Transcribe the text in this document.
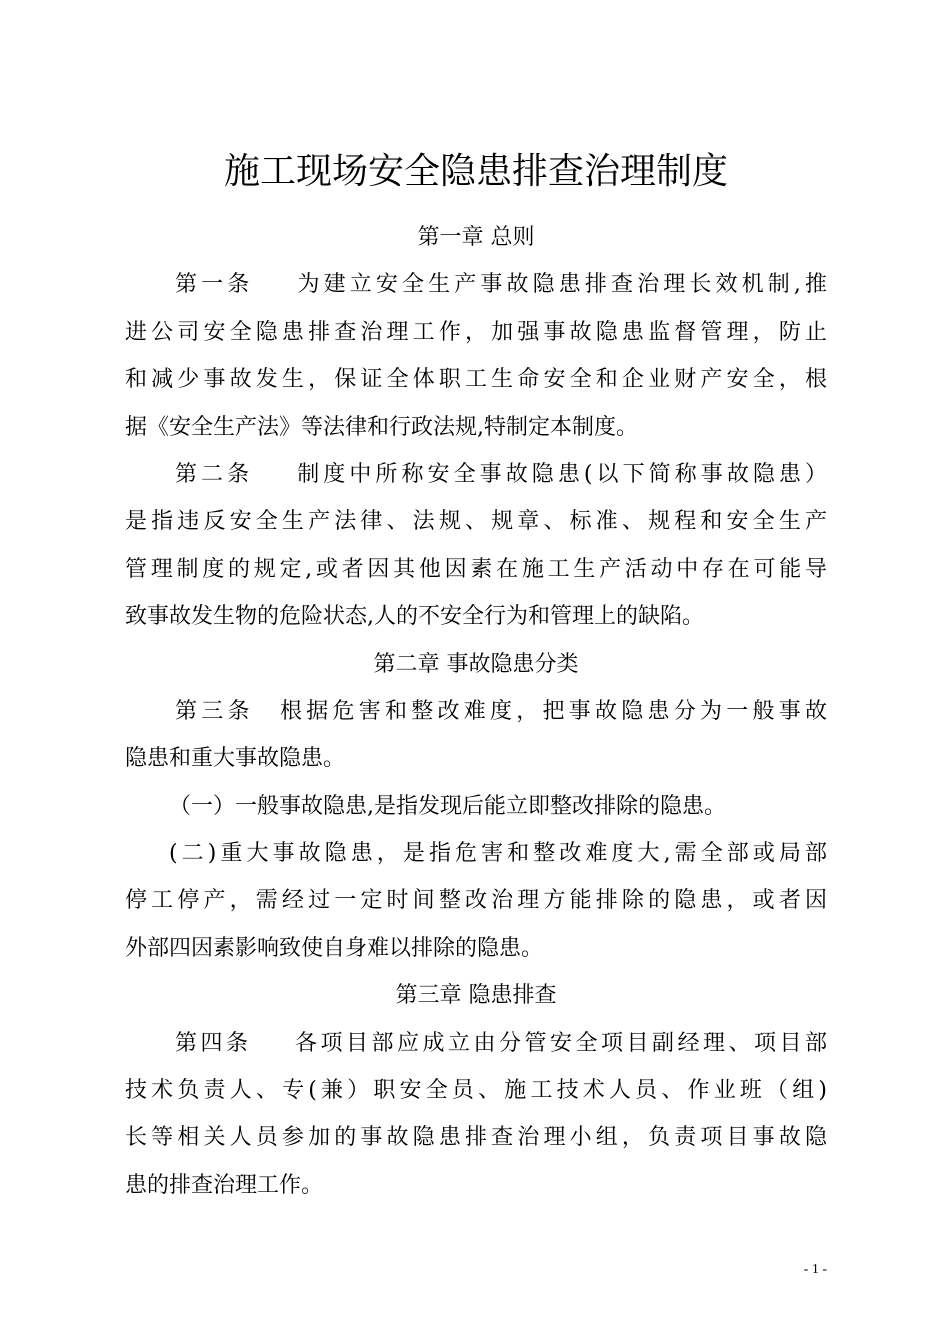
施工现场安全隐患排查治理制度
第一章 总则
第一条 为建立安全生产事故隐患排查治理长效机制,推
进公司安全隐患排查治理工作，加强事故隐患监督管理，防止
和减少事故发生，保证全体职工生命安全和企业财产安全，根
据《安全生产法》等法律和行政法规,特制定本制度。
第二条 制度中所称安全事故隐患(以下简称事故隐患）
是指违反安全生产法律、法规、规章、标准、规程和安全生产
管理制度的规定,或者因其他因素在施工生产活动中存在可能导
致事故发生物的危险状态,人的不安全行为和管理上的缺陷。
第二章 事故隐患分类
第三条 根据危害和整改难度，把事故隐患分为一般事故
隐患和重大事故隐患。
（一）一般事故隐患,是指发现后能立即整改排除的隐患。
(二)重大事故隐患，是指危害和整改难度大,需全部或局部
停工停产，需经过一定时间整改治理方能排除的隐患，或者因
外部四因素影响致使自身难以排除的隐患。
第三章 隐患排查
第四条 各项目部应成立由分管安全项目副经理、项目部
技术负责人、专(兼）职安全员、施工技术人员、作业班（组)
长等相关人员参加的事故隐患排查治理小组，负责项目事故隐
患的排查治理工作。
- 1 -
